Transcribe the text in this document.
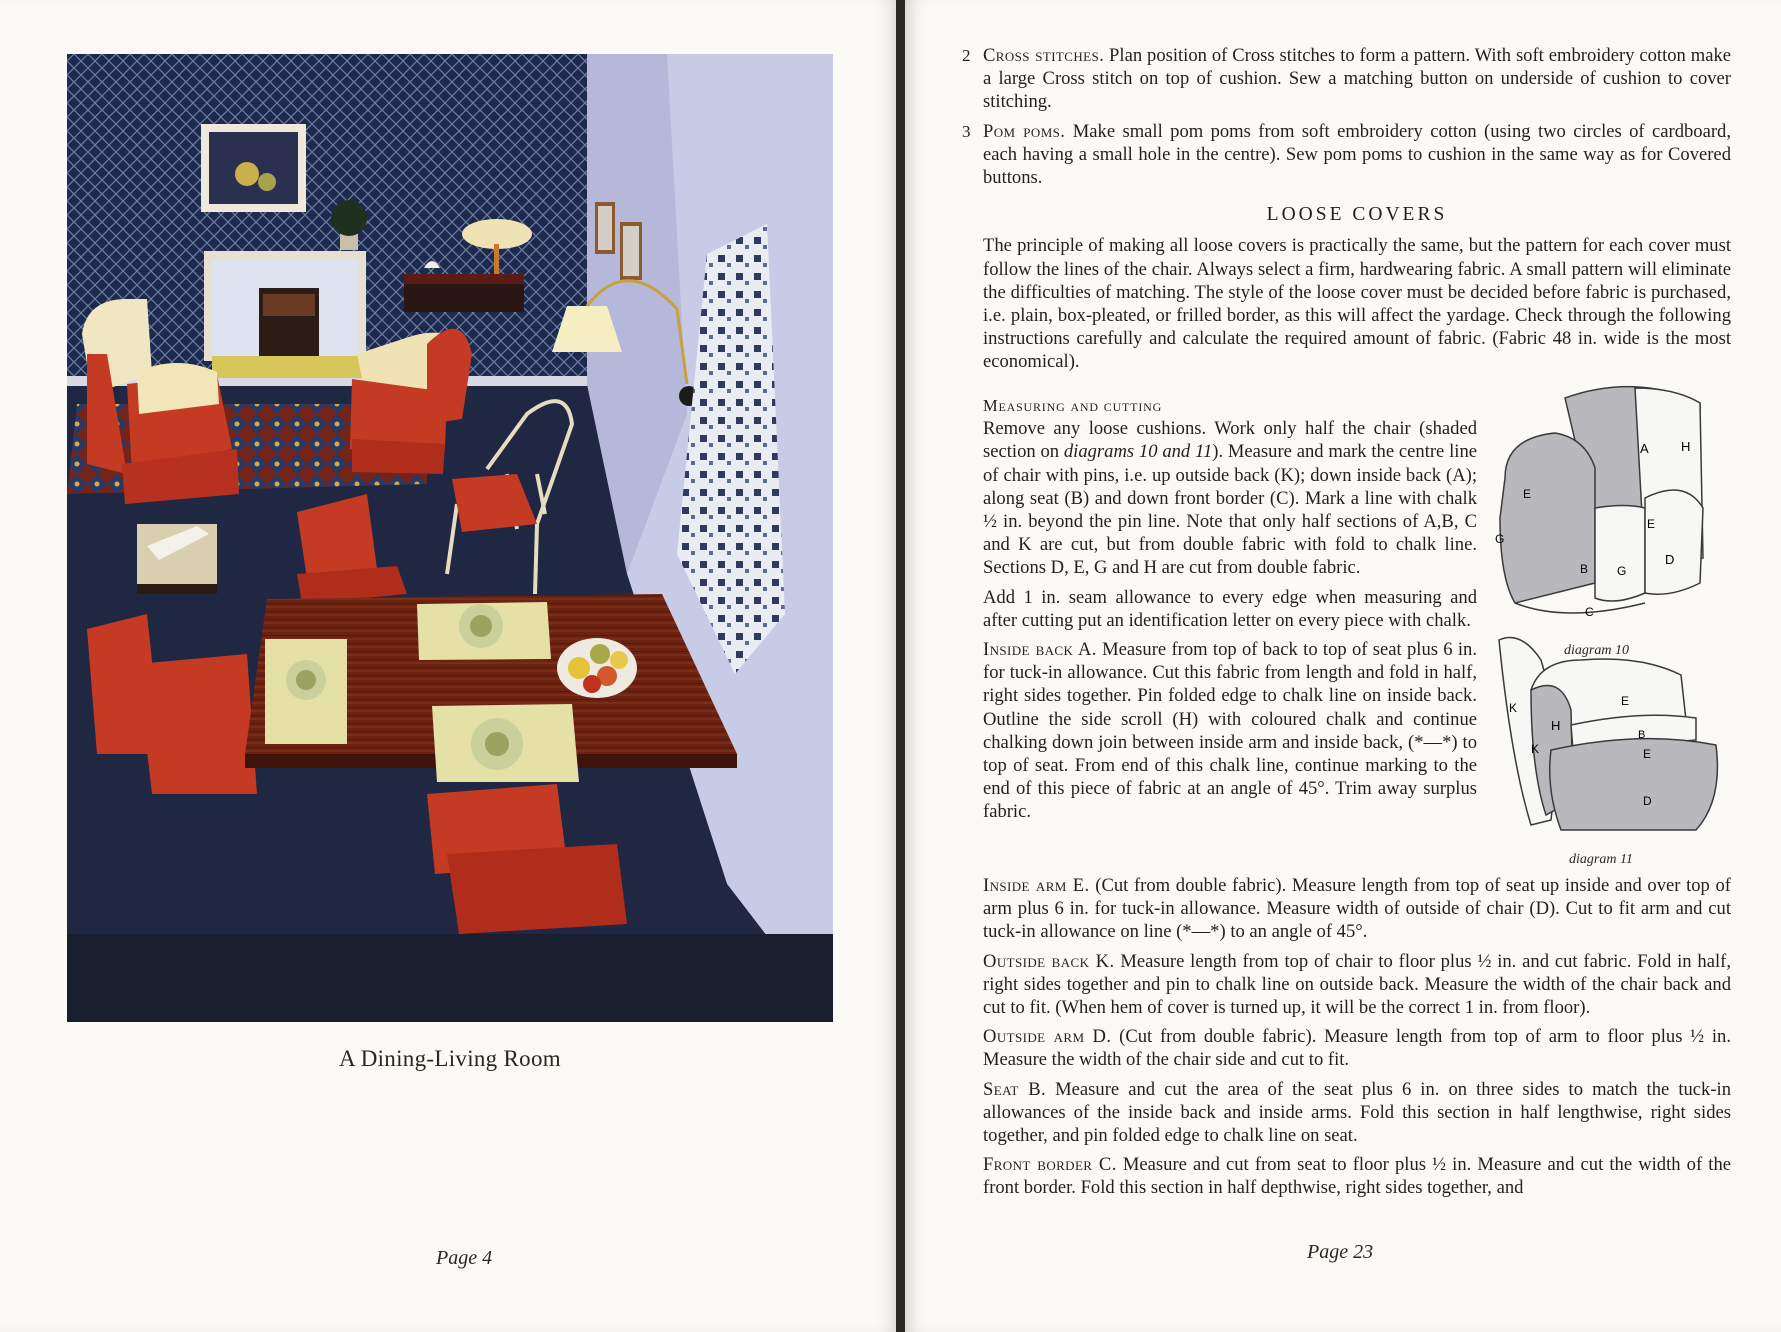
A Dining-Living Room
Page 4
2 Cross stitches. Plan position of Cross stitches to form a pattern. With soft embroidery cotton make a large Cross stitch on top of cushion. Sew a matching button on underside of cushion to cover stitching.
3 Pom poms. Make small pom poms from soft embroidery cotton (using two circles of cardboard, each having a small hole in the centre). Sew pom poms to cushion in the same way as for Covered buttons.
LOOSE COVERS
The principle of making all loose covers is practically the same, but the pattern for each cover must follow the lines of the chair. Always select a firm, hardwearing fabric. A small pattern will eliminate the difficulties of matching. The style of the loose cover must be decided before fabric is purchased, i.e. plain, box-pleated, or frilled border, as this will affect the yardage. Check through the following instructions carefully and calculate the required amount of fabric. (Fabric 48 in. wide is the most economical).
Measuring and cutting
Remove any loose cushions. Work only half the chair (shaded section on diagrams 10 and 11). Measure and mark the centre line of chair with pins, i.e. up outside back (K); down inside back (A); along seat (B) and down front border (C). Mark a line with chalk ½ in. beyond the pin line. Note that only half sections of A,B, C and K are cut, but from double fabric with fold to chalk line. Sections D, E, G and H are cut from double fabric.
Add 1 in. seam allowance to every edge when measuring and after cutting put an identification letter on every piece with chalk.
Inside back A. Measure from top of back to top of seat plus 6 in. for tuck-in allowance. Cut this fabric from length and fold in half, right sides together. Pin folded edge to chalk line on inside back. Outline the side scroll (H) with coloured chalk and continue chalking down join between inside arm and inside back, (*—*) to top of seat. From end of this chalk line, continue marking to the end of this piece of fabric at an angle of 45°. Trim away surplus fabric.
Inside arm E. (Cut from double fabric). Measure length from top of seat up inside and over top of arm plus 6 in. for tuck-in allowance. Measure width of outside of chair (D). Cut to fit arm and cut tuck-in allowance on line (*—*) to an angle of 45°.
Outside back K. Measure length from top of chair to floor plus ½ in. and cut fabric. Fold in half, right sides together and pin to chalk line on outside back. Measure the width of the chair back and cut to fit. (When hem of cover is turned up, it will be the correct 1 in. from floor).
Outside arm D. (Cut from double fabric). Measure length from top of arm to floor plus ½ in. Measure the width of the chair side and cut to fit.
Seat B. Measure and cut the area of the seat plus 6 in. on three sides to match the tuck-in allowances of the inside back and inside arms. Fold this section in half lengthwise, right sides together, and pin folded edge to chalk line on seat.
Front border C. Measure and cut from seat to floor plus ½ in. Measure and cut the width of the front border. Fold this section in half depthwise, right sides together, and
A H
E
G
E
B G
D
C
diagram 10
E
K
H
K
B
E
D
diagram 11
Page 23
